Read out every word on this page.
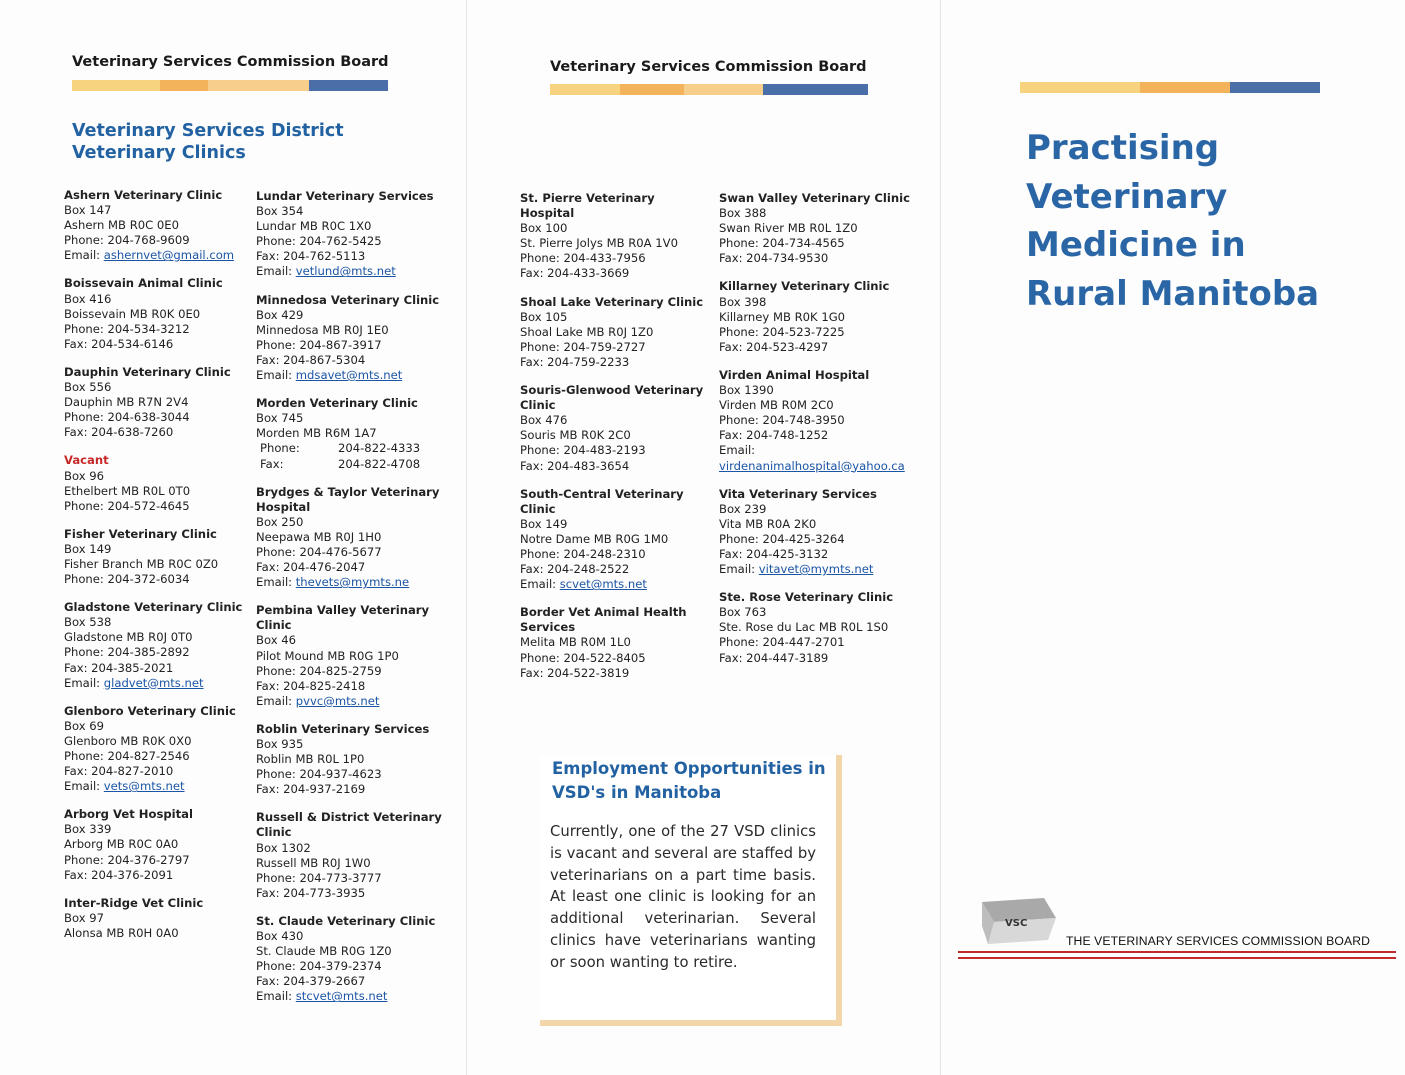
Veterinary Services Commission Board
Veterinary Services District
Veterinary Clinics
Ashern Veterinary Clinic
Box 147
Ashern MB R0C 0E0
Phone: 204-768-9609
Email: ashernvet@gmail.com
Boissevain Animal Clinic
Box 416
Boissevain MB R0K 0E0
Phone: 204-534-3212
Fax: 204-534-6146
Dauphin Veterinary Clinic
Box 556
Dauphin MB R7N 2V4
Phone: 204-638-3044
Fax: 204-638-7260
Vacant
Box 96
Ethelbert MB R0L 0T0
Phone: 204-572-4645
Fisher Veterinary Clinic
Box 149
Fisher Branch MB R0C 0Z0
Phone: 204-372-6034
Gladstone Veterinary Clinic
Box 538
Gladstone MB R0J 0T0
Phone: 204-385-2892
Fax: 204-385-2021
Email: gladvet@mts.net
Glenboro Veterinary Clinic
Box 69
Glenboro MB R0K 0X0
Phone: 204-827-2546
Fax: 204-827-2010
Email: vets@mts.net
Arborg Vet Hospital
Box 339
Arborg MB R0C 0A0
Phone: 204-376-2797
Fax: 204-376-2091
Inter-Ridge Vet Clinic
Box 97
Alonsa MB R0H 0A0
Lundar Veterinary Services
Box 354
Lundar MB R0C 1X0
Phone: 204-762-5425
Fax: 204-762-5113
Email: vetlund@mts.net
Minnedosa Veterinary Clinic
Box 429
Minnedosa MB R0J 1E0
Phone: 204-867-3917
Fax: 204-867-5304
Email: mdsavet@mts.net
Morden Veterinary Clinic
Box 745
Morden MB R6M 1A7
Phone:	204-822-4333
Fax:	204-822-4708
Brydges & Taylor Veterinary Hospital
Box 250
Neepawa MB R0J 1H0
Phone: 204-476-5677
Fax: 204-476-2047
Email: thevets@mymts.ne
Pembina Valley Veterinary Clinic
Box 46
Pilot Mound MB R0G 1P0
Phone: 204-825-2759
Fax: 204-825-2418
Email: pvvc@mts.net
Roblin Veterinary Services
Box 935
Roblin MB R0L 1P0
Phone: 204-937-4623
Fax: 204-937-2169
Russell & District Veterinary Clinic
Box 1302
Russell MB R0J 1W0
Phone: 204-773-3777
Fax: 204-773-3935
St. Claude Veterinary Clinic
Box 430
St. Claude MB R0G 1Z0
Phone: 204-379-2374
Fax: 204-379-2667
Email: stcvet@mts.net
Veterinary Services Commission Board
St. Pierre Veterinary Hospital
Box 100
St. Pierre Jolys MB R0A 1V0
Phone: 204-433-7956
Fax: 204-433-3669
Shoal Lake Veterinary Clinic
Box 105
Shoal Lake MB R0J 1Z0
Phone: 204-759-2727
Fax: 204-759-2233
Souris-Glenwood Veterinary Clinic
Box 476
Souris MB R0K 2C0
Phone: 204-483-2193
Fax: 204-483-3654
South-Central Veterinary Clinic
Box 149
Notre Dame MB R0G 1M0
Phone: 204-248-2310
Fax: 204-248-2522
Email: scvet@mts.net
Border Vet Animal Health Services
Melita MB R0M 1L0
Phone: 204-522-8405
Fax: 204-522-3819
Swan Valley Veterinary Clinic
Box 388
Swan River MB R0L 1Z0
Phone: 204-734-4565
Fax: 204-734-9530
Killarney Veterinary Clinic
Box 398
Killarney MB R0K 1G0
Phone: 204-523-7225
Fax: 204-523-4297
Virden Animal Hospital
Box 1390
Virden MB R0M 2C0
Phone: 204-748-3950
Fax: 204-748-1252
Email:
virdenanimalhospital@yahoo.ca
Vita Veterinary Services
Box 239
Vita MB R0A 2K0
Phone: 204-425-3264
Fax: 204-425-3132
Email: vitavet@mymts.net
Ste. Rose Veterinary Clinic
Box 763
Ste. Rose du Lac MB R0L 1S0
Phone: 204-447-2701
Fax: 204-447-3189
Employment Opportunities in VSD's in Manitoba
Currently, one of the 27 VSD clinics is vacant and several are staffed by veterinarians on a part time basis. At least one clinic is looking for an additional veterinarian. Several clinics have veterinarians wanting or soon wanting to retire.
Practising
Veterinary
Medicine in
Rural Manitoba
VSC
THE VETERINARY SERVICES COMMISSION BOARD
